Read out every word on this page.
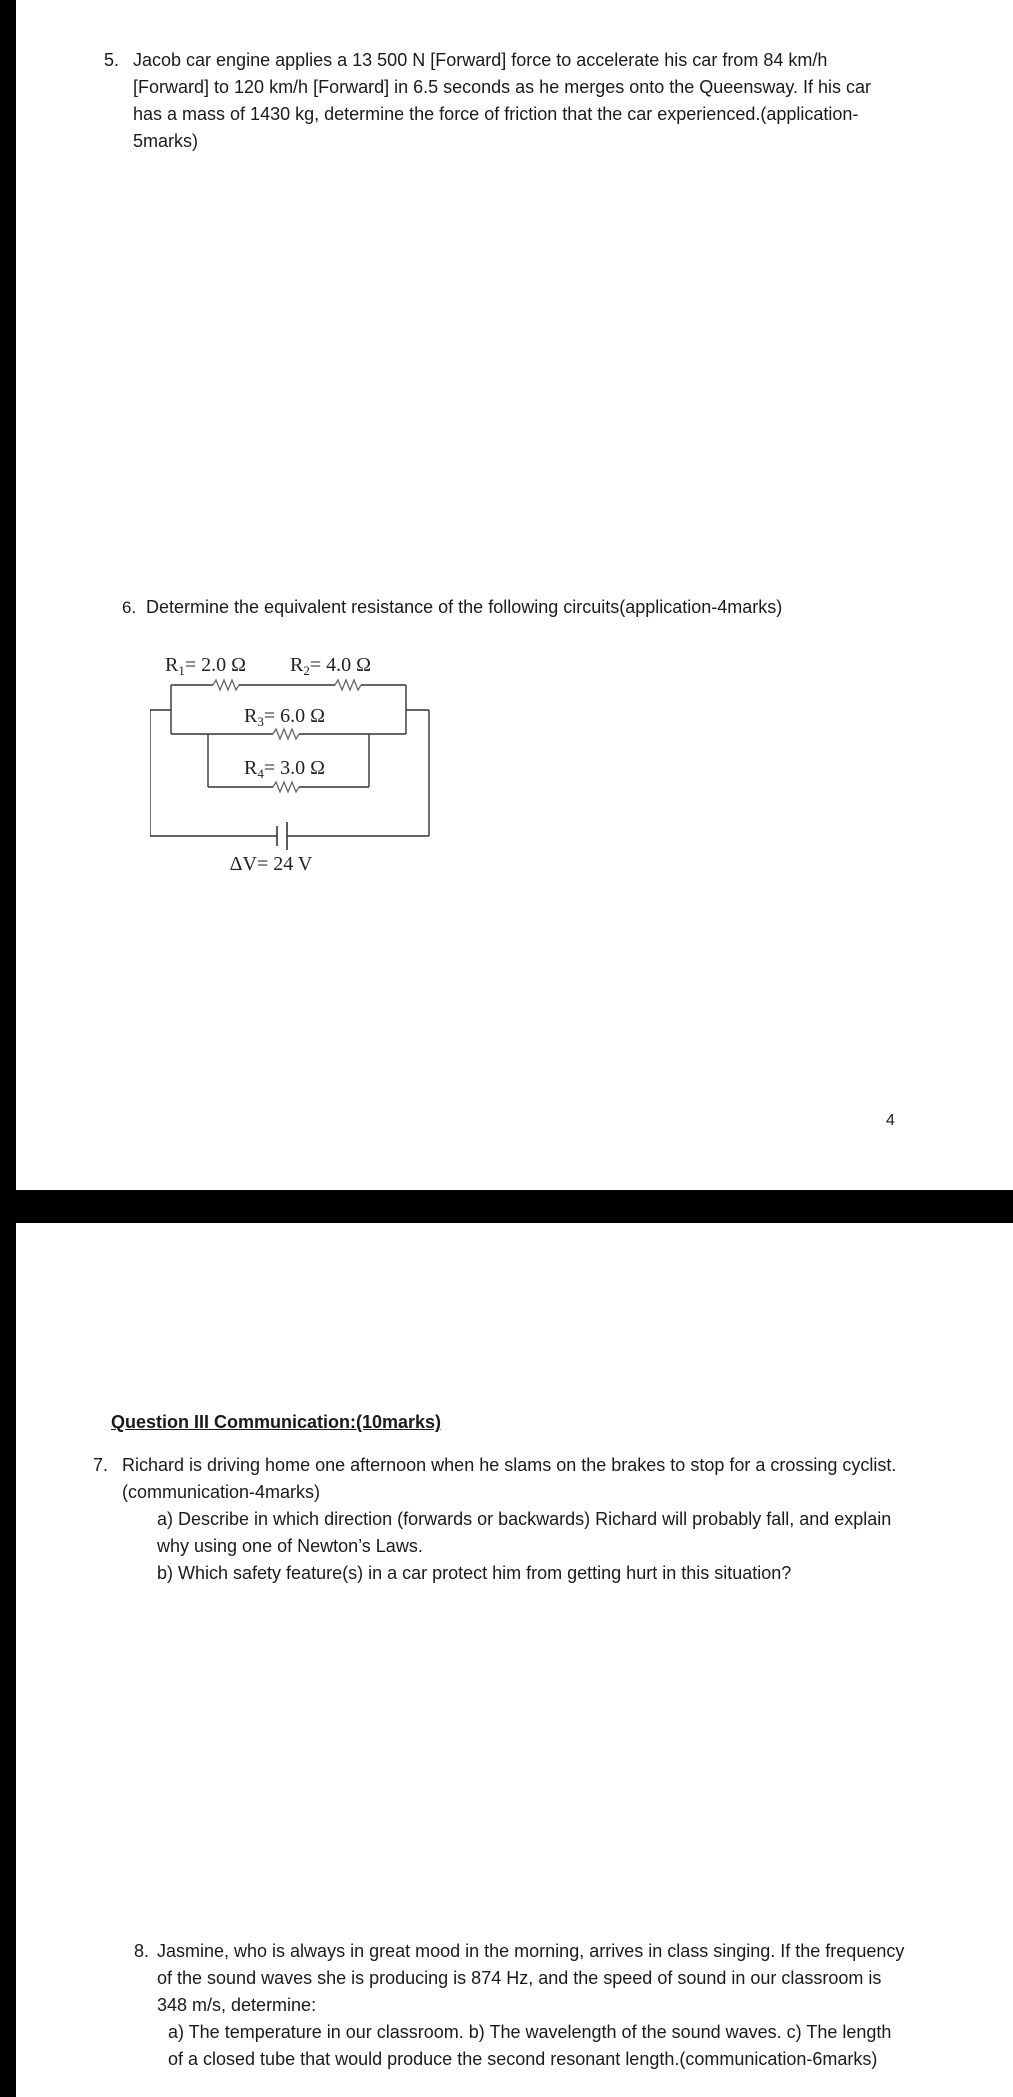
5. Jacob car engine applies a 13 500 N [Forward] force to accelerate his car from 84 km/h
[Forward] to 120 km/h [Forward] in 6.5 seconds as he merges onto the Queensway. If his car
has a mass of 1430 kg, determine the force of friction that the car experienced.(application-
5marks)
6. Determine the equivalent resistance of the following circuits(application-4marks)
$R_1= 2.0$ Ω $R_2= 4.0$ Ω
$R_3= 6.0$ Ω
$R_4= 3.0$ Ω
ΔV= 24 V
4
Question III Communication:(10marks)
7. Richard is driving home one afternoon when he slams on the brakes to stop for a crossing cyclist.
(communication-4marks)
a) Describe in which direction (forwards or backwards) Richard will probably fall, and explain
why using one of Newton’s Laws.
b) Which safety feature(s) in a car protect him from getting hurt in this situation?
8. Jasmine, who is always in great mood in the morning, arrives in class singing. If the frequency
of the sound waves she is producing is 874 Hz, and the speed of sound in our classroom is
348 m/s, determine:
a) The temperature in our classroom. b) The wavelength of the sound waves. c) The length
of a closed tube that would produce the second resonant length.(communication-6marks)
